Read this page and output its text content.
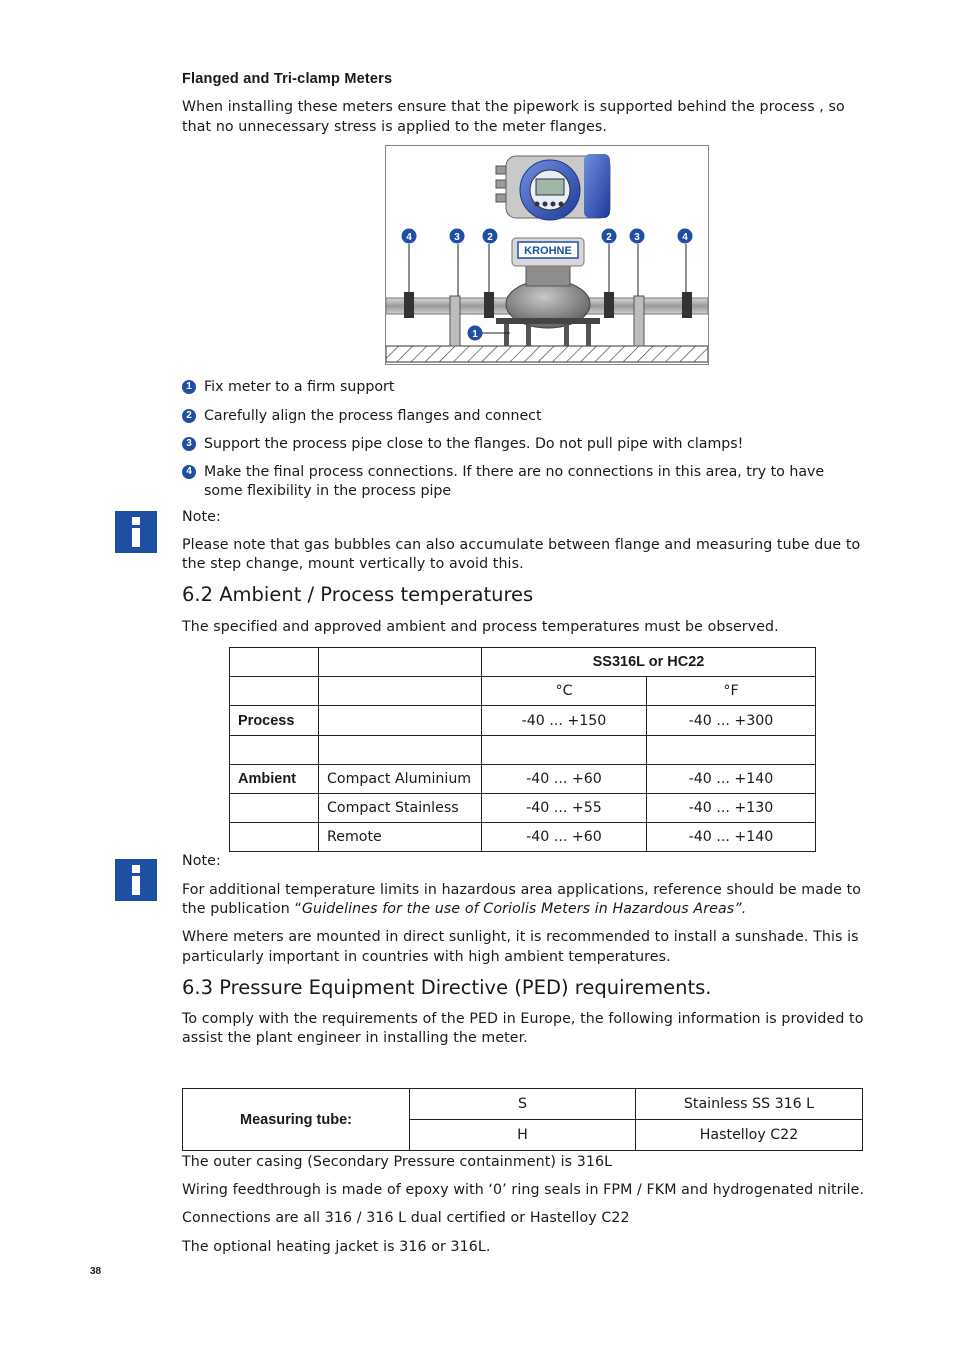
Flanged and Tri-clamp Meters

When installing these meters ensure that the pipework is supported behind the process , so

that no unnecessary stress is applied to the meter flanges.

KROHNE
4	3	2	2 3	4
1
1 Fix meter to a firm support
2 Carefully align the process flanges and connect
3 Support the process pipe close to the flanges. Do not pull pipe with clamps!
4 Make the final process connections. If there are no connections in this area, try to have
some flexibility in the process pipe

Note:

Please note that gas bubbles can also accumulate between flange and measuring tube due to

the step change, mount vertically to avoid this.

6.2 Ambient / Process temperatures

The specified and approved ambient and process temperatures must be observed.

		SS316L or HC22	
		°C	°F
Process		-40 ... +150	-40 ... +300

Ambient	Compact Aluminium	-40 ... +60	-40 ... +140
	Compact Stainless	-40 ... +55	-40 ... +130
	Remote	-40 ... +60	-40 ... +140

Note:

For additional temperature limits in hazardous area applications, reference should be made to

the publication “Guidelines for the use of Coriolis Meters in Hazardous Areas”.

Where meters are mounted in direct sunlight, it is recommended to install a sunshade. This is

particularly important in countries with high ambient temperatures.

6.3 Pressure Equipment Directive (PED) requirements.

To comply with the requirements of the PED in Europe, the following information is provided to

assist the plant engineer in installing the meter.

Measuring tube:	S	Stainless SS 316 L
	H	Hastelloy C22

The outer casing (Secondary Pressure containment) is 316L

Wiring feedthrough is made of epoxy with ‘0’ ring seals in FPM / FKM and hydrogenated nitrile.

Connections are all 316 / 316 L dual certified or Hastelloy C22

The optional heating jacket is 316 or 316L.

38
